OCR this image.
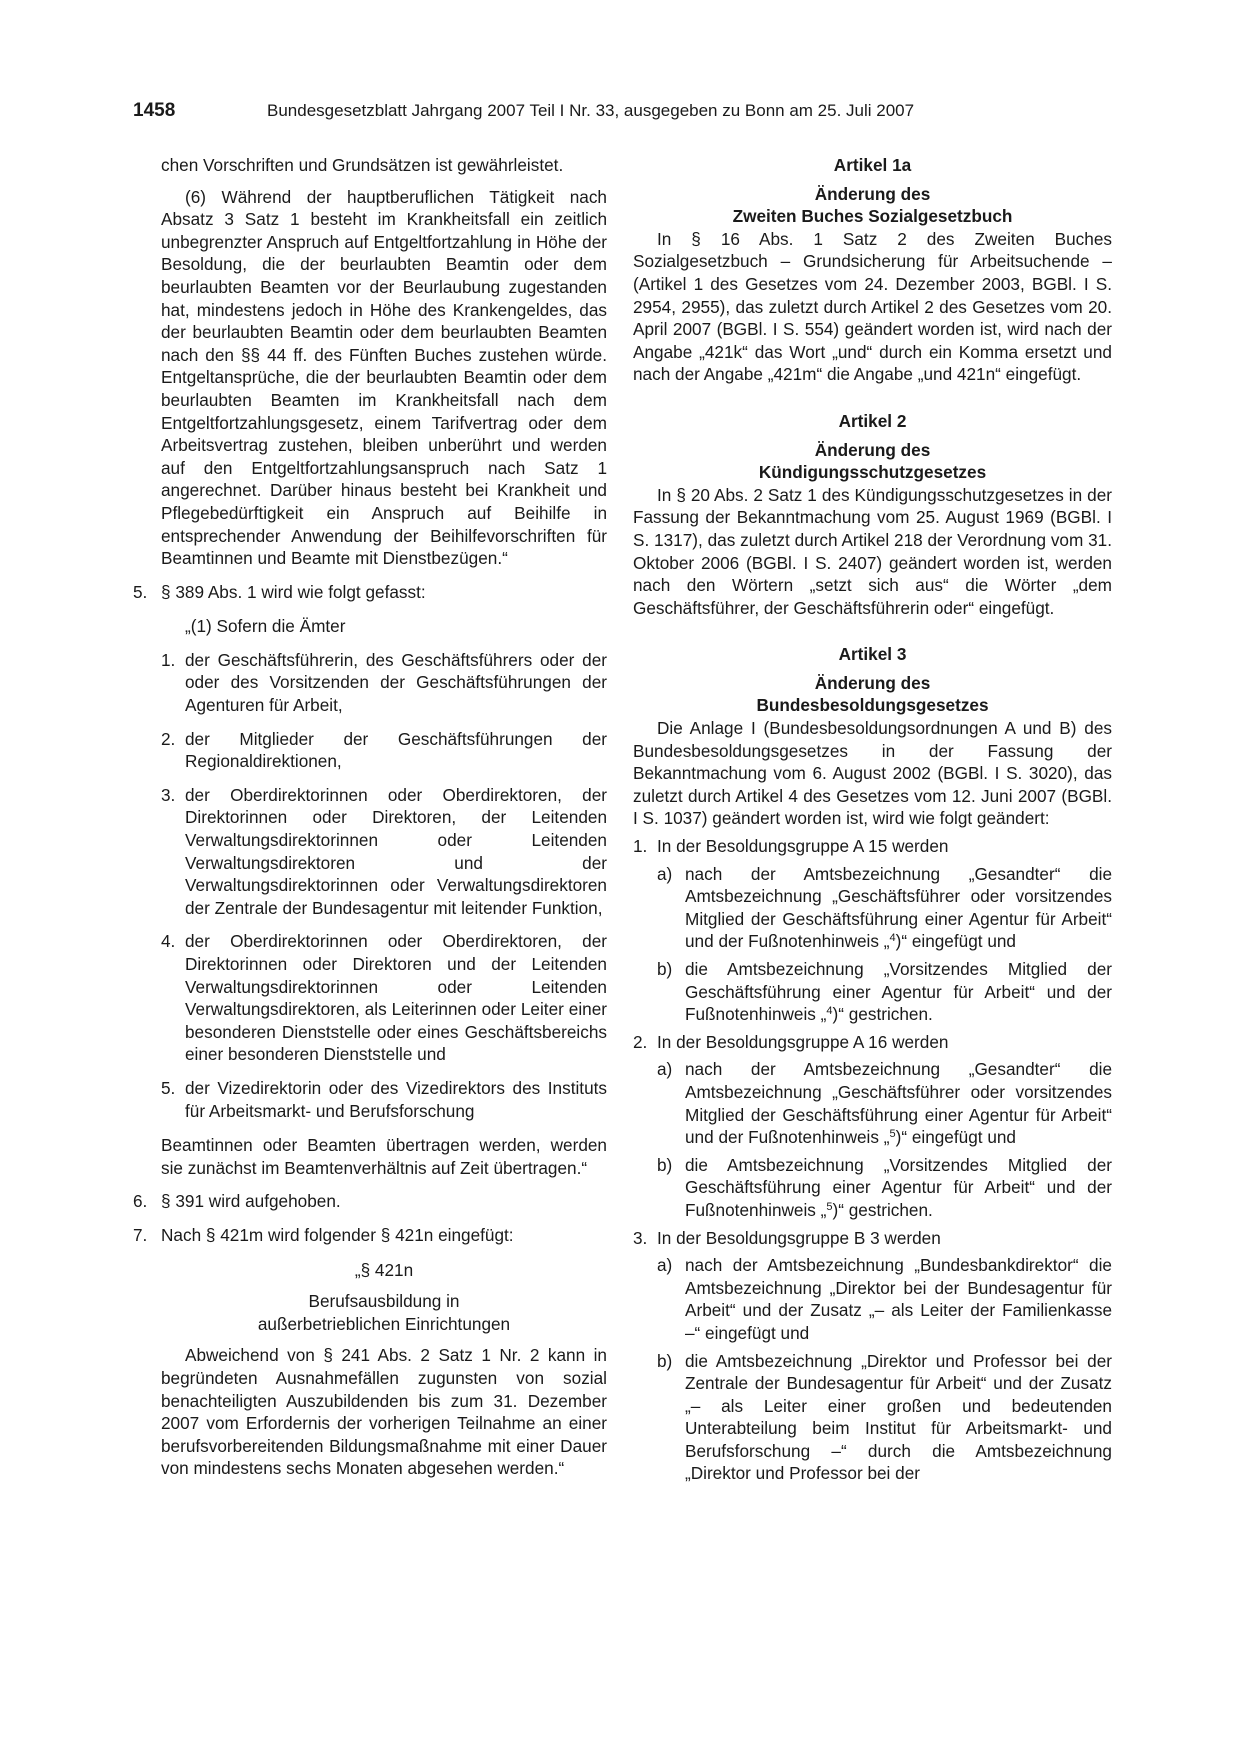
1458	Bundesgesetzblatt Jahrgang 2007 Teil I Nr. 33, ausgegeben zu Bonn am 25. Juli 2007

chen Vorschriften und Grundsätzen ist gewährleistet.

(6) Während der hauptberuflichen Tätigkeit nach Absatz 3 Satz 1 besteht im Krankheitsfall ein zeitlich unbegrenzter Anspruch auf Entgeltfortzahlung in Höhe der Besoldung, die der beurlaubten Beamtin oder dem beurlaubten Beamten vor der Beurlaubung zugestanden hat, mindestens jedoch in Höhe des Krankengeldes, das der beurlaubten Beamtin oder dem beurlaubten Beamten nach den §§ 44 ff. des Fünften Buches zustehen würde. Entgeltansprüche, die der beurlaubten Beamtin oder dem beurlaubten Beamten im Krankheitsfall nach dem Entgeltfortzahlungsgesetz, einem Tarifvertrag oder dem Arbeitsvertrag zustehen, bleiben unberührt und werden auf den Entgeltfortzahlungsanspruch nach Satz 1 angerechnet. Darüber hinaus besteht bei Krankheit und Pflegebedürftigkeit ein Anspruch auf Beihilfe in entsprechender Anwendung der Beihilfevorschriften für Beamtinnen und Beamte mit Dienstbezügen.“

5. § 389 Abs. 1 wird wie folgt gefasst:

„(1) Sofern die Ämter

1. der Geschäftsführerin, des Geschäftsführers oder der oder des Vorsitzenden der Geschäftsführungen der Agenturen für Arbeit,
2. der Mitglieder der Geschäftsführungen der Regionaldirektionen,
3. der Oberdirektorinnen oder Oberdirektoren, der Direktorinnen oder Direktoren, der Leitenden Verwaltungsdirektorinnen oder Leitenden Verwaltungsdirektoren und der Verwaltungsdirektorinnen oder Verwaltungsdirektoren der Zentrale der Bundesagentur mit leitender Funktion,
4. der Oberdirektorinnen oder Oberdirektoren, der Direktorinnen oder Direktoren und der Leitenden Verwaltungsdirektorinnen oder Leitenden Verwaltungsdirektoren, als Leiterinnen oder Leiter einer besonderen Dienststelle oder eines Geschäftsbereichs einer besonderen Dienststelle und
5. der Vizedirektorin oder des Vizedirektors des Instituts für Arbeitsmarkt- und Berufsforschung

Beamtinnen oder Beamten übertragen werden, werden sie zunächst im Beamtenverhältnis auf Zeit übertragen.“

6. § 391 wird aufgehoben.
7. Nach § 421m wird folgender § 421n eingefügt:

„§ 421n

Berufsausbildung in

außerbetrieblichen Einrichtungen

Abweichend von § 241 Abs. 2 Satz 1 Nr. 2 kann in begründeten Ausnahmefällen zugunsten von sozial benachteiligten Auszubildenden bis zum 31. Dezember 2007 vom Erfordernis der vorherigen Teilnahme an einer berufsvorbereitenden Bildungsmaßnahme mit einer Dauer von mindestens sechs Monaten abgesehen werden.“

Artikel 1a

Änderung des

Zweiten Buches Sozialgesetzbuch

In § 16 Abs. 1 Satz 2 des Zweiten Buches Sozialgesetzbuch – Grundsicherung für Arbeitsuchende – (Artikel 1 des Gesetzes vom 24. Dezember 2003, BGBl. I S. 2954, 2955), das zuletzt durch Artikel 2 des Gesetzes vom 20. April 2007 (BGBl. I S. 554) geändert worden ist, wird nach der Angabe „421k“ das Wort „und“ durch ein Komma ersetzt und nach der Angabe „421m“ die Angabe „und 421n“ eingefügt.

Artikel 2

Änderung des

Kündigungsschutzgesetzes

In § 20 Abs. 2 Satz 1 des Kündigungsschutzgesetzes in der Fassung der Bekanntmachung vom 25. August 1969 (BGBl. I S. 1317), das zuletzt durch Artikel 218 der Verordnung vom 31. Oktober 2006 (BGBl. I S. 2407) geändert worden ist, werden nach den Wörtern „setzt sich aus“ die Wörter „dem Geschäftsführer, der Geschäftsführerin oder“ eingefügt.

Artikel 3

Änderung des

Bundesbesoldungsgesetzes

Die Anlage I (Bundesbesoldungsordnungen A und B) des Bundesbesoldungsgesetzes in der Fassung der Bekanntmachung vom 6. August 2002 (BGBl. I S. 3020), das zuletzt durch Artikel 4 des Gesetzes vom 12. Juni 2007 (BGBl. I S. 1037) geändert worden ist, wird wie folgt geändert:

1. In der Besoldungsgruppe A 15 werden
a) nach der Amtsbezeichnung „Gesandter“ die Amtsbezeichnung „Geschäftsführer oder vorsitzendes Mitglied der Geschäftsführung einer Agentur für Arbeit“ und der Fußnotenhinweis „$^4$)“ eingefügt und
b) die Amtsbezeichnung „Vorsitzendes Mitglied der Geschäftsführung einer Agentur für Arbeit“ und der Fußnotenhinweis „$^4$)“ gestrichen.
2. In der Besoldungsgruppe A 16 werden
a) nach der Amtsbezeichnung „Gesandter“ die Amtsbezeichnung „Geschäftsführer oder vorsitzendes Mitglied der Geschäftsführung einer Agentur für Arbeit“ und der Fußnotenhinweis „$^5$)“ eingefügt und
b) die Amtsbezeichnung „Vorsitzendes Mitglied der Geschäftsführung einer Agentur für Arbeit“ und der Fußnotenhinweis „$^5$)“ gestrichen.
3. In der Besoldungsgruppe B 3 werden
a) nach der Amtsbezeichnung „Bundesbankdirektor“ die Amtsbezeichnung „Direktor bei der Bundesagentur für Arbeit“ und der Zusatz „– als Leiter der Familienkasse –“ eingefügt und
b) die Amtsbezeichnung „Direktor und Professor bei der Zentrale der Bundesagentur für Arbeit“ und der Zusatz „– als Leiter einer großen und bedeutenden Unterabteilung beim Institut für Arbeitsmarkt- und Berufsforschung –“ durch die Amtsbezeichnung „Direktor und Professor bei der
